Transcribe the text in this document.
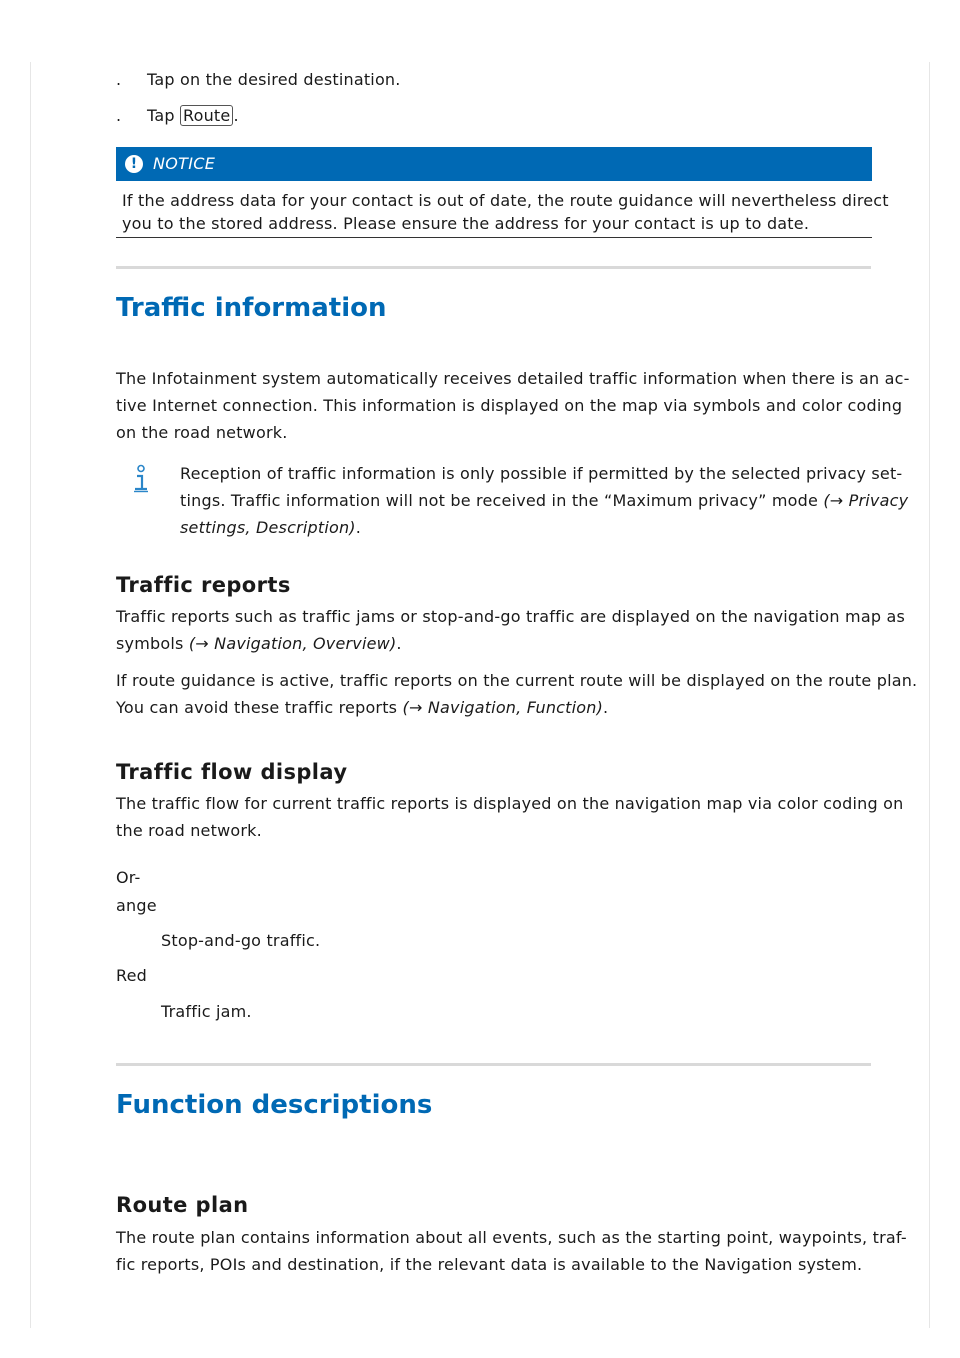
. Tap on the desired destination.
. Tap Route .
! NOTICE
If the address data for your contact is out of date, the route guidance will nevertheless direct
you to the stored address. Please ensure the address for your contact is up to date.
Traffic information
The Infotainment system automatically receives detailed traffic information when there is an ac-
tive Internet connection. This information is displayed on the map via symbols and color coding
on the road network.
Reception of traffic information is only possible if permitted by the selected privacy set-
tings. Traffic information will not be received in the “Maximum privacy” mode (→ Privacy
settings, Description).
Traffic reports
Traffic reports such as traffic jams or stop-and-go traffic are displayed on the navigation map as
symbols (→ Navigation, Overview).
If route guidance is active, traffic reports on the current route will be displayed on the route plan.
You can avoid these traffic reports (→ Navigation, Function).
Traffic flow display
The traffic flow for current traffic reports is displayed on the navigation map via color coding on
the road network.
Or-
ange
Stop-and-go traffic.
Red
Traffic jam.
Function descriptions
Route plan
The route plan contains information about all events, such as the starting point, waypoints, traf-
fic reports, POIs and destination, if the relevant data is available to the Navigation system.
